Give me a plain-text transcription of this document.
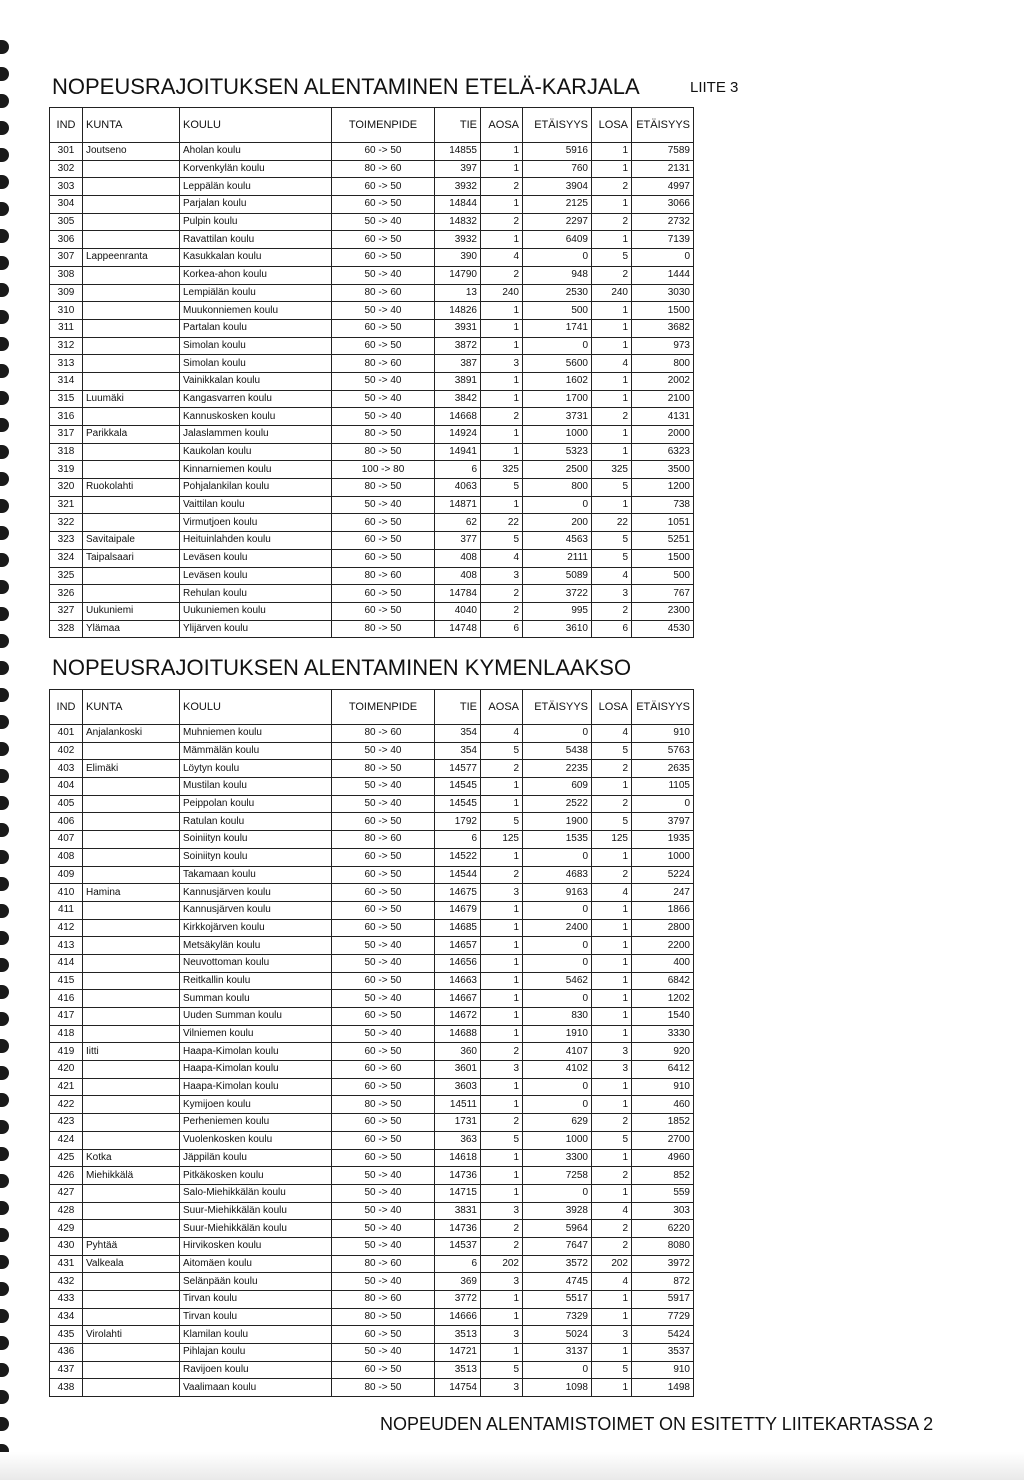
NOPEUSRAJOITUKSEN ALENTAMINEN ETELÄ-KARJALA	LIITE 3
IND	KUNTA	KOULU	TOIMENPIDE	TIE	AOSA	ETÄISYYS	LOSA	ETÄISYYS
301	Joutseno	Aholan koulu	60 -> 50	14855	1	5916	1	7589
302		Korvenkylän koulu	80 -> 60	397	1	760	1	2131
303		Leppälän koulu	60 -> 50	3932	2	3904	2	4997
304		Parjalan koulu	60 -> 50	14844	1	2125	1	3066
305		Pulpin koulu	50 -> 40	14832	2	2297	2	2732
306		Ravattilan koulu	60 -> 50	3932	1	6409	1	7139
307	Lappeenranta	Kasukkalan koulu	60 -> 50	390	4	0	5	0
308		Korkea-ahon koulu	50 -> 40	14790	2	948	2	1444
309		Lempiälän koulu	80 -> 60	13	240	2530	240	3030
310		Muukonniemen koulu	50 -> 40	14826	1	500	1	1500
311		Partalan koulu	60 -> 50	3931	1	1741	1	3682
312		Simolan koulu	60 -> 50	3872	1	0	1	973
313		Simolan koulu	80 -> 60	387	3	5600	4	800
314		Vainikkalan koulu	50 -> 40	3891	1	1602	1	2002
315	Luumäki	Kangasvarren koulu	50 -> 40	3842	1	1700	1	2100
316		Kannuskosken koulu	50 -> 40	14668	2	3731	2	4131
317	Parikkala	Jalaslammen koulu	80 -> 50	14924	1	1000	1	2000
318		Kaukolan koulu	80 -> 50	14941	1	5323	1	6323
319		Kinnarniemen koulu	100 -> 80	6	325	2500	325	3500
320	Ruokolahti	Pohjalankilan koulu	80 -> 50	4063	5	800	5	1200
321		Vaittilan koulu	50 -> 40	14871	1	0	1	738
322		Virmutjoen koulu	60 -> 50	62	22	200	22	1051
323	Savitaipale	Heituinlahden koulu	60 -> 50	377	5	4563	5	5251
324	Taipalsaari	Leväsen koulu	60 -> 50	408	4	2111	5	1500
325		Leväsen koulu	80 -> 60	408	3	5089	4	500
326		Rehulan koulu	60 -> 50	14784	2	3722	3	767
327	Uukuniemi	Uukuniemen koulu	60 -> 50	4040	2	995	2	2300
328	Ylämaa	Ylijärven koulu	80 -> 50	14748	6	3610	6	4530
NOPEUSRAJOITUKSEN ALENTAMINEN KYMENLAAKSO
IND	KUNTA	KOULU	TOIMENPIDE	TIE	AOSA	ETÄISYYS	LOSA	ETÄISYYS
401	Anjalankoski	Muhniemen koulu	80 -> 60	354	4	0	4	910
402		Mämmälän koulu	50 -> 40	354	5	5438	5	5763
403	Elimäki	Löytyn koulu	80 -> 50	14577	2	2235	2	2635
404		Mustilan koulu	50 -> 40	14545	1	609	1	1105
405		Peippolan koulu	50 -> 40	14545	1	2522	2	0
406		Ratulan koulu	60 -> 50	1792	5	1900	5	3797
407		Soiniityn koulu	80 -> 60	6	125	1535	125	1935
408		Soiniityn koulu	60 -> 50	14522	1	0	1	1000
409		Takamaan koulu	60 -> 50	14544	2	4683	2	5224
410	Hamina	Kannusjärven koulu	60 -> 50	14675	3	9163	4	247
411		Kannusjärven koulu	60 -> 50	14679	1	0	1	1866
412		Kirkkojärven koulu	60 -> 50	14685	1	2400	1	2800
413		Metsäkylän koulu	50 -> 40	14657	1	0	1	2200
414		Neuvottoman koulu	50 -> 40	14656	1	0	1	400
415		Reitkallin koulu	60 -> 50	14663	1	5462	1	6842
416		Summan koulu	50 -> 40	14667	1	0	1	1202
417		Uuden Summan koulu	60 -> 50	14672	1	830	1	1540
418		Vilniemen koulu	50 -> 40	14688	1	1910	1	3330
419	Iitti	Haapa-Kimolan koulu	60 -> 50	360	2	4107	3	920
420		Haapa-Kimolan koulu	60 -> 60	3601	3	4102	3	6412
421		Haapa-Kimolan koulu	60 -> 50	3603	1	0	1	910
422		Kymijoen koulu	80 -> 50	14511	1	0	1	460
423		Perheniemen koulu	60 -> 50	1731	2	629	2	1852
424		Vuolenkosken koulu	60 -> 50	363	5	1000	5	2700
425	Kotka	Jäppilän koulu	60 -> 50	14618	1	3300	1	4960
426	Miehikkälä	Pitkäkosken koulu	50 -> 40	14736	1	7258	2	852
427		Salo-Miehikkälän koulu	50 -> 40	14715	1	0	1	559
428		Suur-Miehikkälän koulu	50 -> 40	3831	3	3928	4	303
429		Suur-Miehikkälän koulu	50 -> 40	14736	2	5964	2	6220
430	Pyhtää	Hirvikosken koulu	50 -> 40	14537	2	7647	2	8080
431	Valkeala	Aitomäen koulu	80 -> 60	6	202	3572	202	3972
432		Selänpään koulu	50 -> 40	369	3	4745	4	872
433		Tirvan koulu	80 -> 60	3772	1	5517	1	5917
434		Tirvan koulu	80 -> 50	14666	1	7329	1	7729
435	Virolahti	Klamilan koulu	60 -> 50	3513	3	5024	3	5424
436		Pihlajan koulu	50 -> 40	14721	1	3137	1	3537
437		Ravijoen koulu	60 -> 50	3513	5	0	5	910
438		Vaalimaan koulu	80 -> 50	14754	3	1098	1	1498
NOPEUDEN ALENTAMISTOIMET ON ESITETTY LIITEKARTASSA 2
